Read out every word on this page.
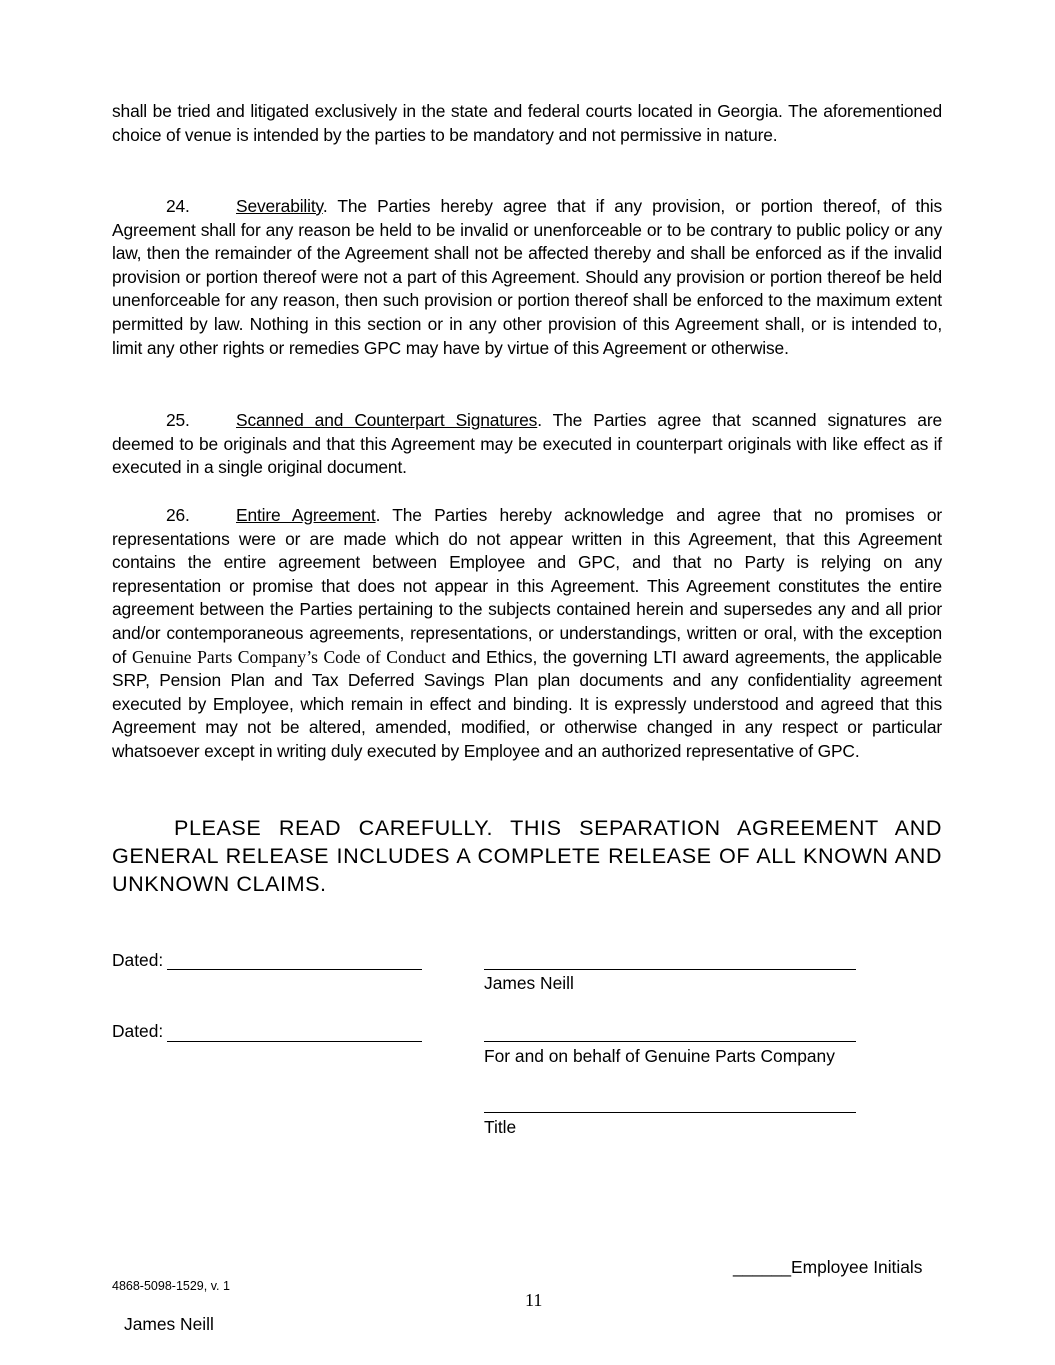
shall be tried and litigated exclusively in the state and federal courts located in Georgia. The aforementioned choice of venue is intended by the parties to be mandatory and not permissive in nature.
24.	Severability. The Parties hereby agree that if any provision, or portion thereof, of this Agreement shall for any reason be held to be invalid or unenforceable or to be contrary to public policy or any law, then the remainder of the Agreement shall not be affected thereby and shall be enforced as if the invalid provision or portion thereof were not a part of this Agreement. Should any provision or portion thereof be held unenforceable for any reason, then such provision or portion thereof shall be enforced to the maximum extent permitted by law. Nothing in this section or in any other provision of this Agreement shall, or is intended to, limit any other rights or remedies GPC may have by virtue of this Agreement or otherwise.
25.	Scanned and Counterpart Signatures. The Parties agree that scanned signatures are deemed to be originals and that this Agreement may be executed in counterpart originals with like effect as if executed in a single original document.
26.	Entire Agreement. The Parties hereby acknowledge and agree that no promises or representations were or are made which do not appear written in this Agreement, that this Agreement contains the entire agreement between Employee and GPC, and that no Party is relying on any representation or promise that does not appear in this Agreement. This Agreement constitutes the entire agreement between the Parties pertaining to the subjects contained herein and supersedes any and all prior and/or contemporaneous agreements, representations, or understandings, written or oral, with the exception of Genuine Parts Company’s Code of Conduct and Ethics, the governing LTI award agreements, the applicable SRP, Pension Plan and Tax Deferred Savings Plan plan documents and any confidentiality agreement executed by Employee, which remain in effect and binding. It is expressly understood and agreed that this Agreement may not be altered, amended, modified, or otherwise changed in any respect or particular whatsoever except in writing duly executed by Employee and an authorized representative of GPC.
PLEASE READ CAREFULLY. THIS SEPARATION AGREEMENT AND GENERAL RELEASE INCLUDES A COMPLETE RELEASE OF ALL KNOWN AND UNKNOWN CLAIMS.
Dated:
James Neill
Dated:
For and on behalf of Genuine Parts Company
Title
______Employee Initials
4868-5098-1529, v. 1
11
James Neill
